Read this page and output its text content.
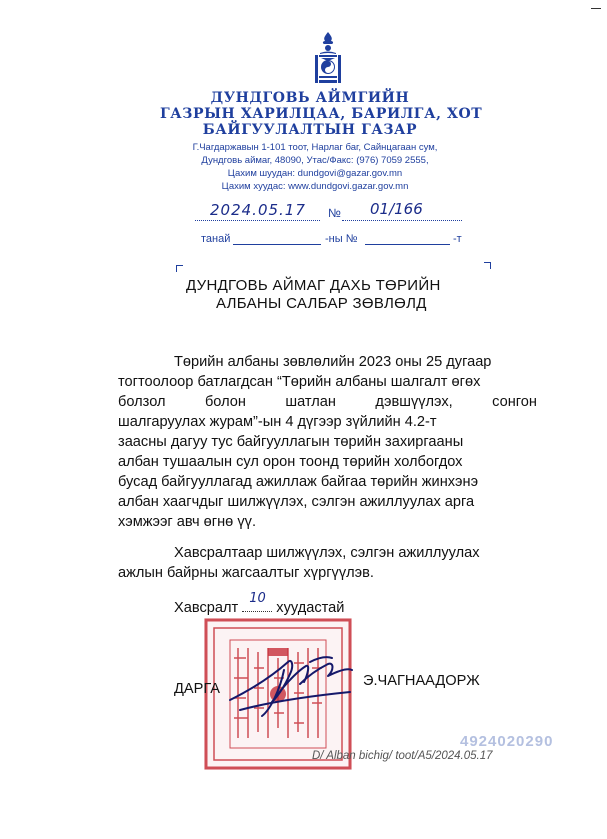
ДУНДГОВЬ АЙМГИЙН
ГАЗРЫН ХАРИЛЦАА, БАРИЛГА, ХОТ
БАЙГУУЛАЛТЫН ГАЗАР
Г.Чагдаржавын 1-101 тоот, Нарлаг баг, Сайнцагаан сум,
Дундговь аймаг, 48090, Утас/Факс: (976) 7059 2555,
Цахим шуудан: dundgovi@gazar.gov.mn
Цахим хуудас: www.dundgovi.gazar.gov.mn
2024.05.17 № 01/166
танай	-ны №	-т
ДУНДГОВЬ АЙМАГ ДАХЬ ТӨРИЙН
АЛБАНЫ САЛБАР ЗӨВЛӨЛД
Төрийн албаны зөвлөлийн 2023 оны 25 дугаар
тогтоолоор батлагдсан “Төрийн албаны шалгалт өгөх
болзол	болон	шатлан	дэвшүүлэх,	сонгон
шалгаруулах журам”-ын 4 дүгээр зүйлийн 4.2-т
заасны дагуу тус байгууллагын төрийн захиргааны
албан тушаалын сул орон тоонд төрийн холбогдох
бусад байгууллагад ажиллаж байгаа төрийн жинхэнэ
албан хаагчдыг шилжүүлэх, сэлгэн ажиллуулах арга
хэмжээг авч өгнө үү.
Хавсралтаар шилжүүлэх, сэлгэн ажиллуулах
ажлын байрны жагсаалтыг хүргүүлэв.
Хавсралт
10
хуудастай
ДАРГА	Э.ЧАГНААДОРЖ
D/ Alban bichig/ toot/A5/2024.05.17
4924020290
